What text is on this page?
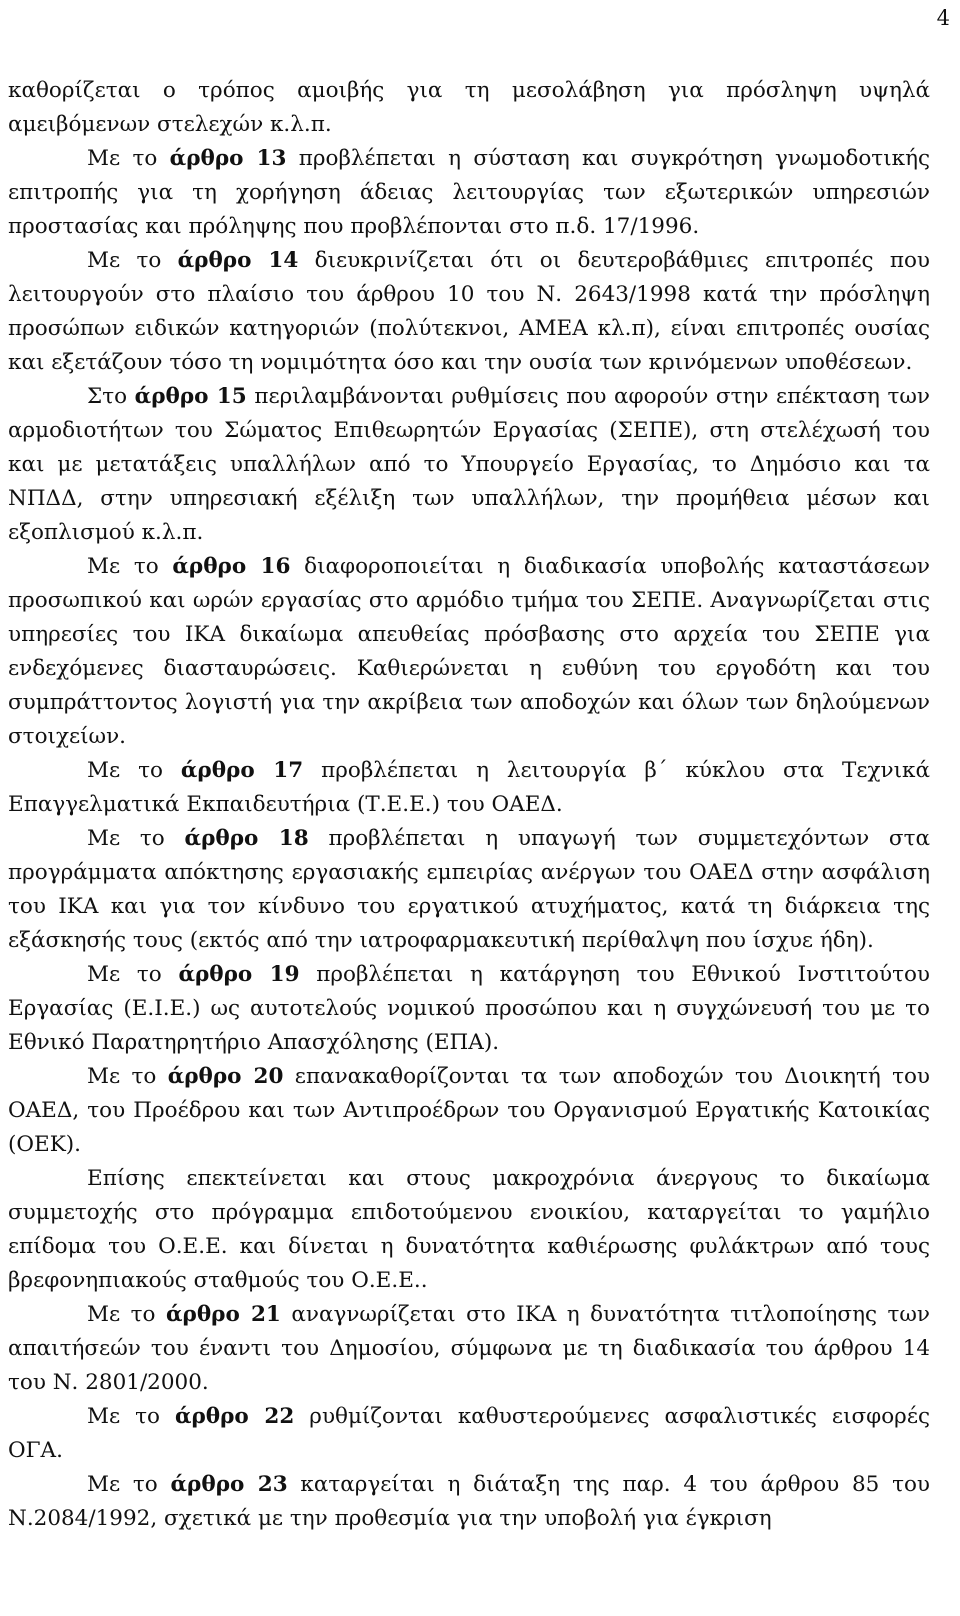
4

καθορίζεται ο τρόπος αμοιβής για τη μεσολάβηση για πρόσληψη υψηλά αμειβόμενων στελεχών κ.λ.π.

Με το άρθρο 13 προβλέπεται η σύσταση και συγκρότηση γνωμοδοτικής επιτροπής για τη χορήγηση άδειας λειτουργίας των εξωτερικών υπηρεσιών προστασίας και πρόληψης που προβλέπονται στο π.δ. 17/1996.

Με το άρθρο 14 διευκρινίζεται ότι οι δευτεροβάθμιες επιτροπές που λειτουργούν στο πλαίσιο του άρθρου 10 του Ν. 2643/1998 κατά την πρόσληψη προσώπων ειδικών κατηγοριών (πολύτεκνοι, ΑΜΕΑ κλ.π), είναι επιτροπές ουσίας και εξετάζουν τόσο τη νομιμότητα όσο και την ουσία των κρινόμενων υποθέσεων.

Στο άρθρο 15 περιλαμβάνονται ρυθμίσεις που αφορούν στην επέκταση των αρμοδιοτήτων του Σώματος Επιθεωρητών Εργασίας (ΣΕΠΕ), στη στελέχωσή του και με μετατάξεις υπαλλήλων από το Υπουργείο Εργασίας, το Δημόσιο και τα ΝΠΔΔ, στην υπηρεσιακή εξέλιξη των υπαλλήλων, την προμήθεια μέσων και εξοπλισμού κ.λ.π.

Με το άρθρο 16 διαφοροποιείται η διαδικασία υποβολής καταστάσεων προσωπικού και ωρών εργασίας στο αρμόδιο τμήμα του ΣΕΠΕ. Αναγνωρίζεται στις υπηρεσίες του ΙΚΑ δικαίωμα απευθείας πρόσβασης στο αρχεία του ΣΕΠΕ για ενδεχόμενες διασταυρώσεις. Καθιερώνεται η ευθύνη του εργοδότη και του συμπράττοντος λογιστή για την ακρίβεια των αποδοχών και όλων των δηλούμενων στοιχείων.

Με το άρθρο 17 προβλέπεται η λειτουργία β΄ κύκλου στα Τεχνικά Επαγγελματικά Εκπαιδευτήρια (Τ.Ε.Ε.) του ΟΑΕΔ.

Με το άρθρο 18 προβλέπεται η υπαγωγή των συμμετεχόντων στα προγράμματα απόκτησης εργασιακής εμπειρίας ανέργων του ΟΑΕΔ στην ασφάλιση του ΙΚΑ και για τον κίνδυνο του εργατικού ατυχήματος, κατά τη διάρκεια της εξάσκησής τους (εκτός από την ιατροφαρμακευτική περίθαλψη που ίσχυε ήδη).

Με το άρθρο 19 προβλέπεται η κατάργηση του Εθνικού Ινστιτούτου Εργασίας (Ε.Ι.Ε.) ως αυτοτελούς νομικού προσώπου και η συγχώνευσή του με το Εθνικό Παρατηρητήριο Απασχόλησης (ΕΠΑ).

Με το άρθρο 20 επανακαθορίζονται τα των αποδοχών του Διοικητή του ΟΑΕΔ, του Προέδρου και των Αντιπροέδρων του Οργανισμού Εργατικής Κατοικίας (ΟΕΚ).

Επίσης επεκτείνεται και στους μακροχρόνια άνεργους το δικαίωμα συμμετοχής στο πρόγραμμα επιδοτούμενου ενοικίου, καταργείται το γαμήλιο επίδομα του Ο.Ε.Ε. και δίνεται η δυνατότητα καθιέρωσης φυλάκτρων από τους βρεφονηπιακούς σταθμούς του Ο.Ε.Ε..

Με το άρθρο 21 αναγνωρίζεται στο ΙΚΑ η δυνατότητα τιτλοποίησης των απαιτήσεών του έναντι του Δημοσίου, σύμφωνα με τη διαδικασία του άρθρου 14 του Ν. 2801/2000.

Με το άρθρο 22 ρυθμίζονται καθυστερούμενες ασφαλιστικές εισφορές ΟΓΑ.

Με το άρθρο 23 καταργείται η διάταξη της παρ. 4 του άρθρου 85 του Ν.2084/1992, σχετικά με την προθεσμία για την υποβολή για έγκριση
